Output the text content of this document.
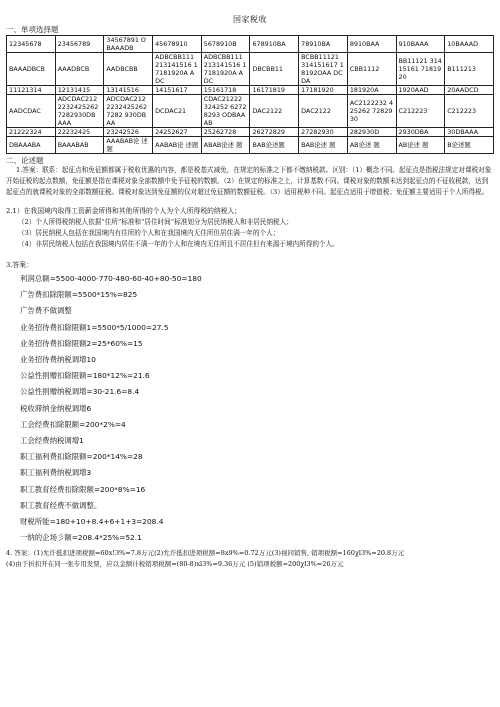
国家税收
一、单项选择题
12345678	23456789	34567891 OBAAADB	45678910	5678910B	678910BA	78910BA	8910BAA	910BAAA	10BAAAD
BAAADBCB	AAADBCB	AADBCBB	ADBCBB111 213141516 17181920A ADC	ADBCBB111 213141516 17181920A ADC	DBCBB11	BCBB11121 314151617 18192OAA DCDA	CBB1112	BB11121 31415161 7181920	B111213
11121314	12131415	13141516	14151617	15161718	16171819	17181920	181920A	1920AAD	20AADCD
AADCDAC	ADCDAC212 2232425262 7282930DB AAA	ADCDAC212 2232425262 7282 930DBAA	DCDAC21	CDAC21222 324252 62728293 ODBAAAB	DAC2122	DAC2122	AC2122232 425262 7282930	C212223	C212223
21222324	22232425	23242526	24252627	25262728	26272829	27282930	282930D	2930DBA	30DBAAA
DBAAABA	BAAABAB	AAABAB论 述题	AABAB论 述题	ABAB论述 题	BAB论述题	BAB论述 题	AB论述 题	AB论述 题	B论述题
二、论述题

1.答案：联系：起征点和免征额都属于税收优惠的内容，都是税基式减免，在规定的标准之下都不缴纳税款。区别：（1）概念不同。起征点是指税法规定对课税对象开始征税的起点数额，免征额是指在课税对象全部数额中免予征税的数额。（2）在规定的标准之上，计算基数不同。课税对象的数额未达到起征点的不征收税款，达到起征点的就课税对象的全部数额征税。课税对象达到免征额的仅对超过免征额的数额征税。（3）适用税种不同。起征点适用于增值税；免征额主要适用于个人所得税。

2.1）在我国境内取得工资薪金所得和其他所得的个人为个人所得税的纳税人；
（2）个人所得税纳税人依据“住所”标准和“居住时间”标准划分为居民纳税人和非居民纳税人；
（3）居民纳税人包括在我国境内有住所的个人和在我国境内无住所但居住满一年的个人；
（4）非居民纳税人包括在我国境内居住不满一年的个人和在境内无住所且不居住但有来源于境内所得的个人。
3.答案：
利润总额=5500-4000-770-480-60-40+80-50=180
广告费扣除限额=5500*15%=825
广告费不做调整
业务招待费扣除限额1=5500*5/1000=27.5
业务招待费扣除限额2=25*60%=15
业务招待费纳税调增10
公益性捐赠扣除限额=180*12%=21.6
公益性捐赠纳税调增=30-21.6=8.4
税收滞纳金纳税调增6
工会经费扣除限额=200*2%=4
工会经费纳税调增1
职工福利费扣除限额=200*14%=28
职工福利费纳税调增3
职工教育经费扣除限额=200*8%=16
职工教育经费不做调整。
财税所能=180+10+8.4+6+1+3=208.4
一纳的企场彡额=208.4*25%=52.1
4. 答案：(1)允许抵扣进项税额=60x!3%=7.8万元(2)允许抵扣进项税额=8x9%=0.72万元(3)视同销售, 销项税额=160χl3%=20.8万元
(4)由于折扣开在同一张专用发票，应以金额计税销项税额=(80-8)xl3%=9.36万元 (5)销项税额=200χl3%=26万元
